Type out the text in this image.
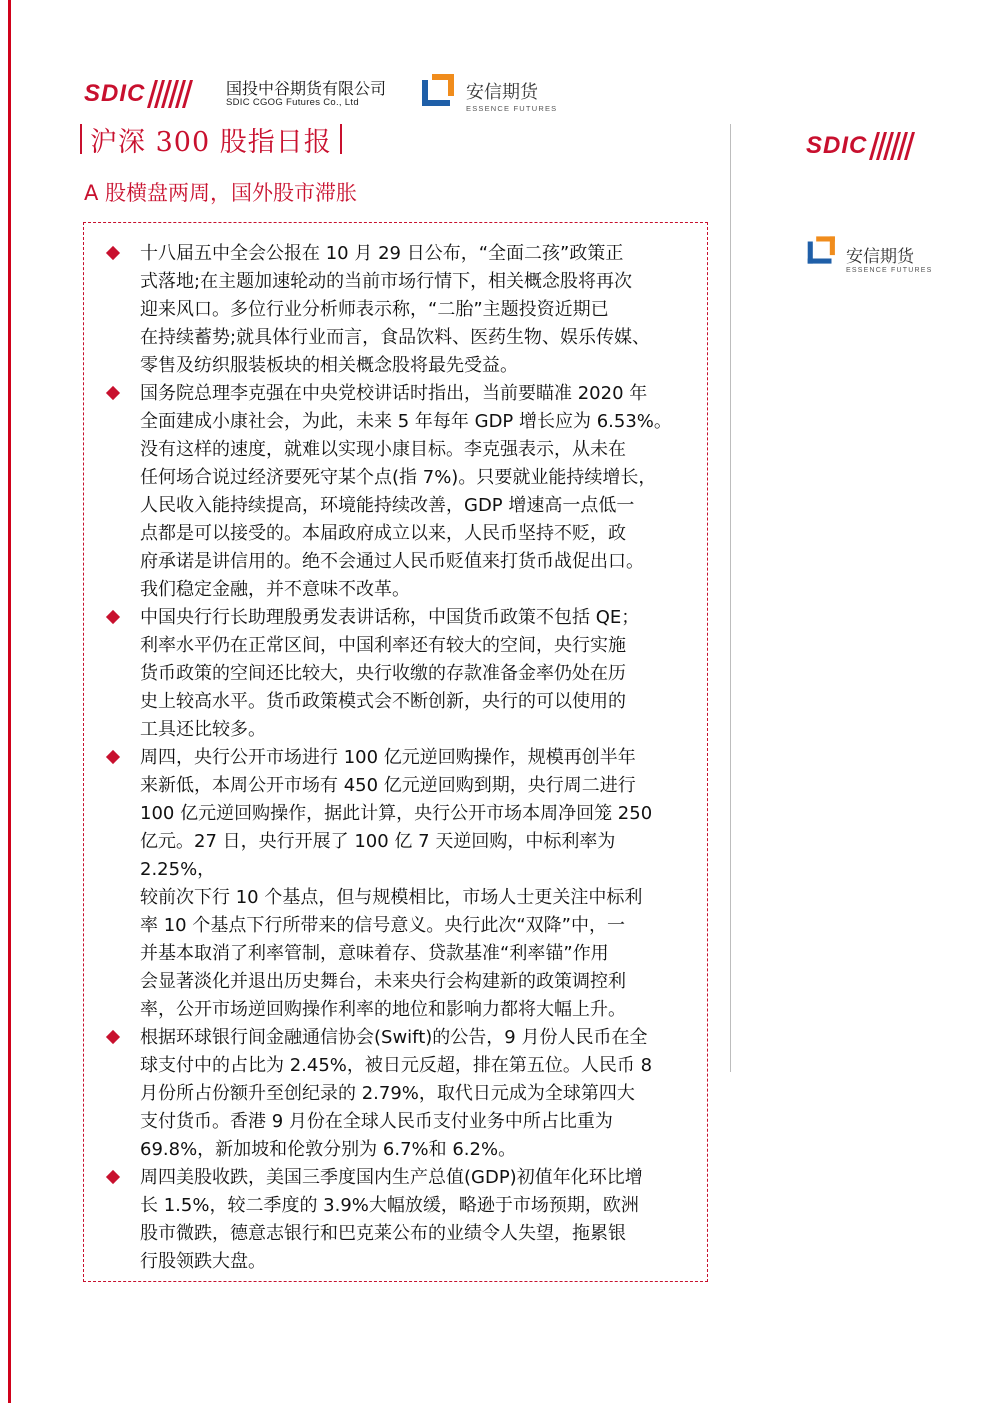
SDIC	国投中谷期货有限公司
SDIC CGOG Futures Co., Ltd	安信期货
ESSENCE FUTURES
SDIC
安信期货
ESSENCE FUTURES
沪深 300 股指日报
A 股横盘两周，国外股市滞胀

十八届五中全会公报在 10 月 29 日公布，“全面二孩”政策正

式落地;在主题加速轮动的当前市场行情下，相关概念股将再次

迎来风口。多位行业分析师表示称，“二胎”主题投资近期已

在持续蓄势;就具体行业而言，食品饮料、医药生物、娱乐传媒、

零售及纺织服装板块的相关概念股将最先受益。

国务院总理李克强在中央党校讲话时指出，当前要瞄准 2020 年

全面建成小康社会，为此，未来 5 年每年 GDP 增长应为 6.53%。

没有这样的速度，就难以实现小康目标。李克强表示，从未在

任何场合说过经济要死守某个点(指 7%)。只要就业能持续增长，

人民收入能持续提高，环境能持续改善，GDP 增速高一点低一

点都是可以接受的。本届政府成立以来，人民币坚持不贬，政

府承诺是讲信用的。绝不会通过人民币贬值来打货币战促出口。

我们稳定金融，并不意味不改革。

中国央行行长助理殷勇发表讲话称，中国货币政策不包括 QE；

利率水平仍在正常区间，中国利率还有较大的空间，央行实施

货币政策的空间还比较大，央行收缴的存款准备金率仍处在历

史上较高水平。货币政策模式会不断创新，央行的可以使用的

工具还比较多。

周四，央行公开市场进行 100 亿元逆回购操作，规模再创半年

来新低，本周公开市场有 450 亿元逆回购到期，央行周二进行

100 亿元逆回购操作，据此计算，央行公开市场本周净回笼 250

亿元。27 日，央行开展了 100 亿 7 天逆回购，中标利率为 2.25%，

较前次下行 10 个基点，但与规模相比，市场人士更关注中标利

率 10 个基点下行所带来的信号意义。央行此次“双降”中，一

并基本取消了利率管制，意味着存、贷款基准“利率锚”作用

会显著淡化并退出历史舞台，未来央行会构建新的政策调控利

率，公开市场逆回购操作利率的地位和影响力都将大幅上升。

根据环球银行间金融通信协会(Swift)的公告，9 月份人民币在全

球支付中的占比为 2.45%，被日元反超，排在第五位。人民币 8

月份所占份额升至创纪录的 2.79%，取代日元成为全球第四大

支付货币。香港 9 月份在全球人民币支付业务中所占比重为

69.8%，新加坡和伦敦分别为 6.7%和 6.2%。

周四美股收跌，美国三季度国内生产总值(GDP)初值年化环比增

长 1.5%，较二季度的 3.9%大幅放缓，略逊于市场预期，欧洲

股市微跌，德意志银行和巴克莱公布的业绩令人失望，拖累银

行股领跌大盘。
